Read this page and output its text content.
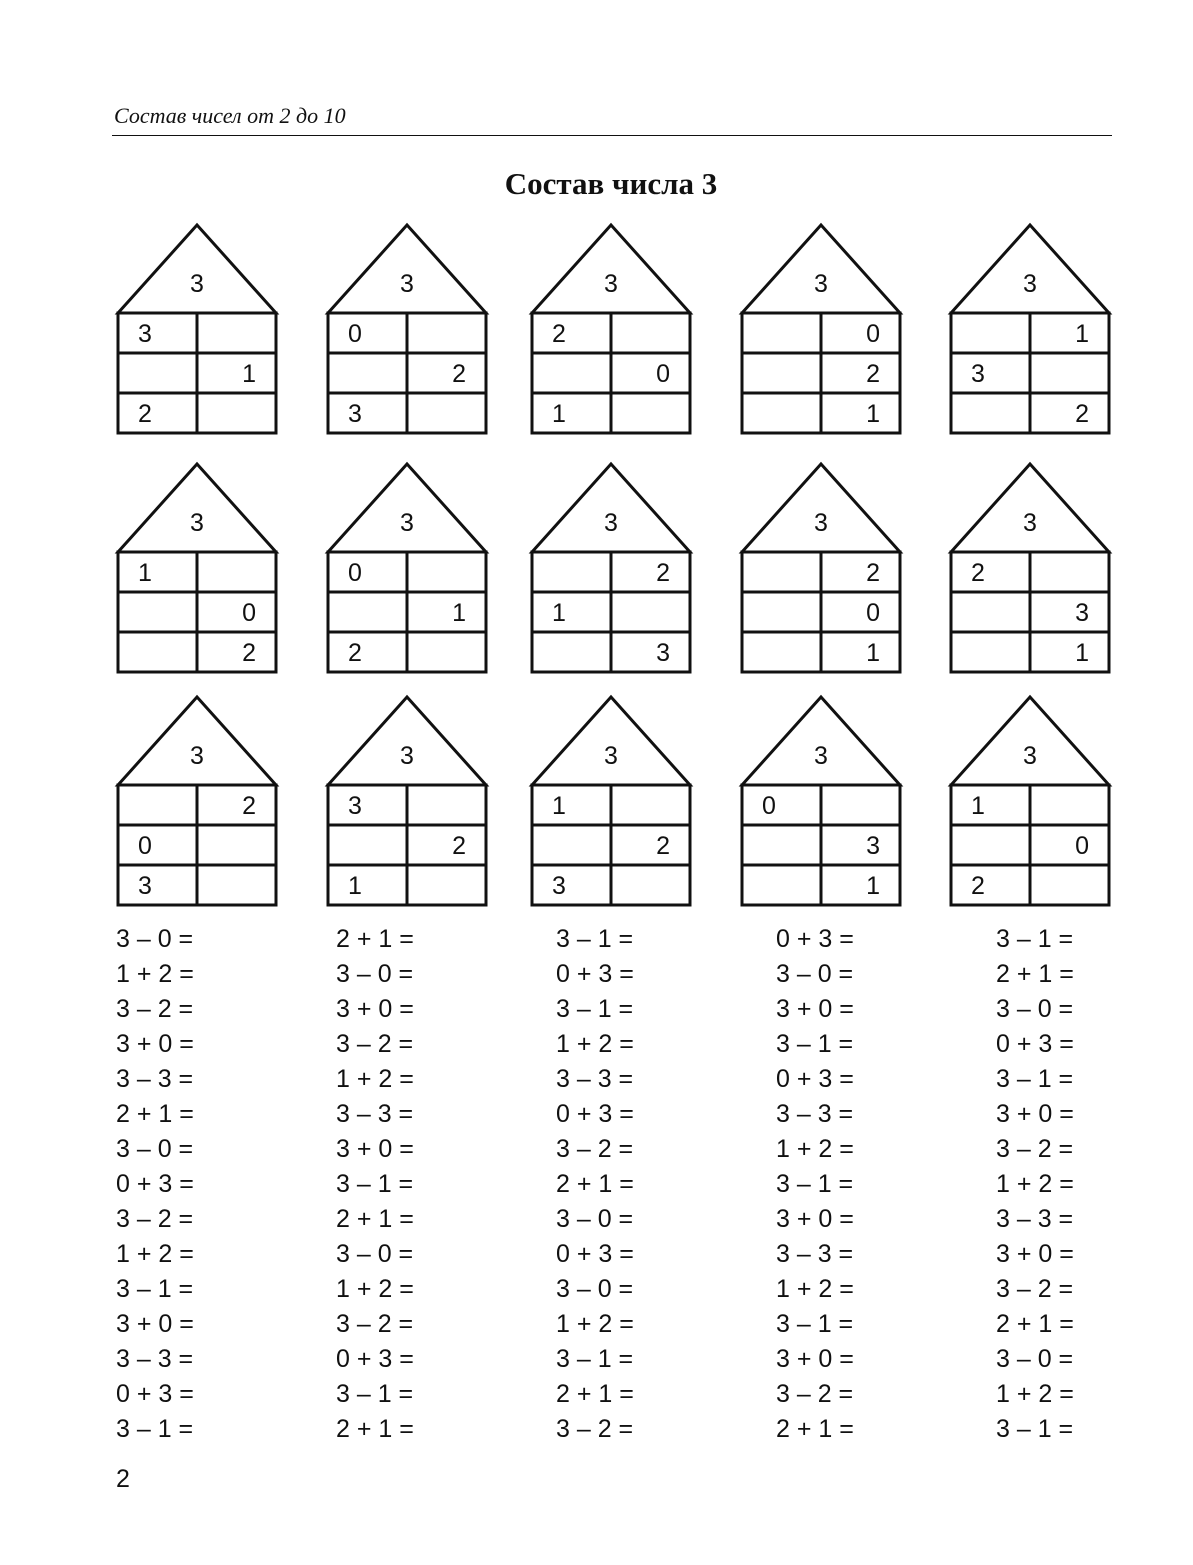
Состав чисел от 2 до 10
Состав числа 3
3
3
1
2
3
0
2
3
3
2
0
1
3
0
2
1
3
1
3
2
3
1
0
2
3
0
1
2
3
2
1
3
3
2
0
1
3
2
3
1
3
2
0
3
3
3
2
1
3
1
2
3
3
0
3
1
3
1
0
2
3 – 0 =
1 + 2 =
3 – 2 =
3 + 0 =
3 – 3 =
2 + 1 =
3 – 0 =
0 + 3 =
3 – 2 =
1 + 2 =
3 – 1 =
3 + 0 =
3 – 3 =
0 + 3 =
3 – 1 =
2 + 1 =
3 – 0 =
3 + 0 =
3 – 2 =
1 + 2 =
3 – 3 =
3 + 0 =
3 – 1 =
2 + 1 =
3 – 0 =
1 + 2 =
3 – 2 =
0 + 3 =
3 – 1 =
2 + 1 =
3 – 1 =
0 + 3 =
3 – 1 =
1 + 2 =
3 – 3 =
0 + 3 =
3 – 2 =
2 + 1 =
3 – 0 =
0 + 3 =
3 – 0 =
1 + 2 =
3 – 1 =
2 + 1 =
3 – 2 =
0 + 3 =
3 – 0 =
3 + 0 =
3 – 1 =
0 + 3 =
3 – 3 =
1 + 2 =
3 – 1 =
3 + 0 =
3 – 3 =
1 + 2 =
3 – 1 =
3 + 0 =
3 – 2 =
2 + 1 =
3 – 1 =
2 + 1 =
3 – 0 =
0 + 3 =
3 – 1 =
3 + 0 =
3 – 2 =
1 + 2 =
3 – 3 =
3 + 0 =
3 – 2 =
2 + 1 =
3 – 0 =
1 + 2 =
3 – 1 =
2
